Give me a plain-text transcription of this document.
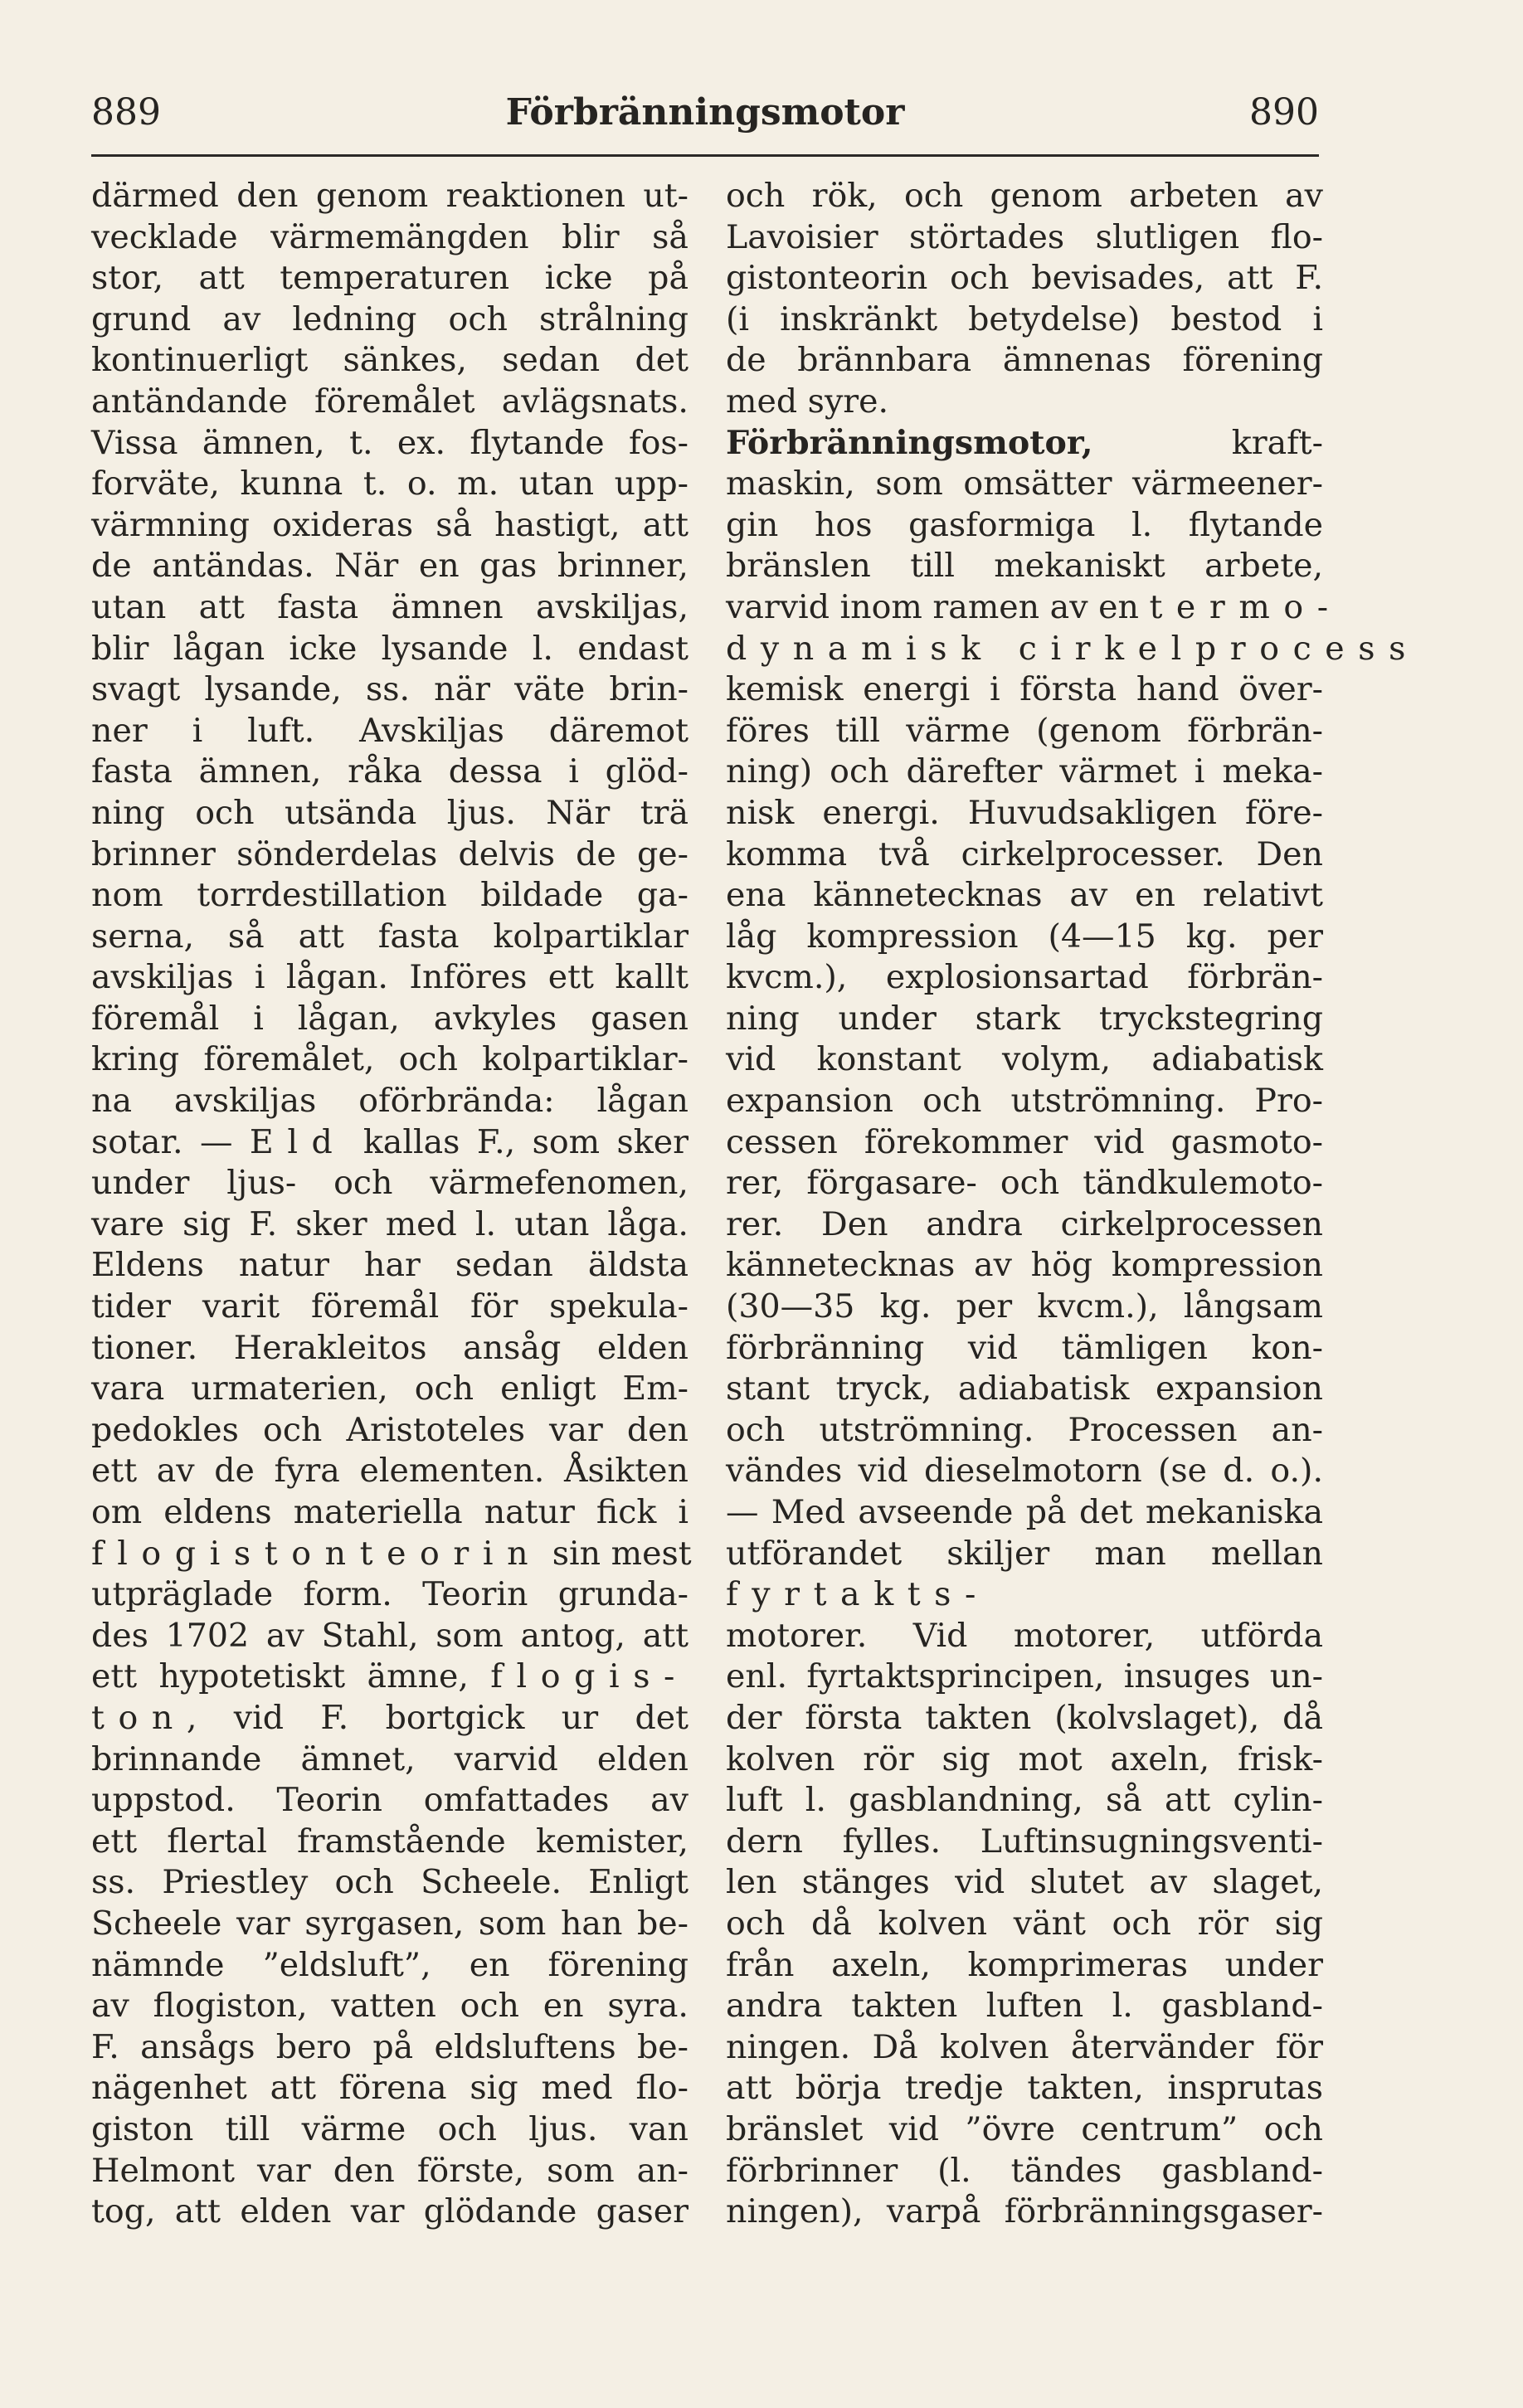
889	Förbränningsmotor	890
därmed den genom reaktionen ut-
vecklade värmemängden blir så
stor, att temperaturen icke på
grund av ledning och strålning
kontinuerligt sänkes, sedan det
antändande föremålet avlägsnats.
Vissa ämnen, t. ex. flytande fos-
forväte, kunna t. o. m. utan upp-
värmning oxideras så hastigt, att
de antändas. När en gas brinner,
utan att fasta ämnen avskiljas,
blir lågan icke lysande l. endast
svagt lysande, ss. när väte brin-
ner i luft. Avskiljas däremot
fasta ämnen, råka dessa i glöd-
ning och utsända ljus. När trä
brinner sönderdelas delvis de ge-
nom torrdestillation bildade ga-
serna, så att fasta kolpartiklar
avskiljas i lågan. Införes ett kallt
föremål i lågan, avkyles gasen
kring föremålet, och kolpartiklar-
na avskiljas oförbrända: lågan
sotar. — Eld kallas F., som sker
under ljus- och värmefenomen,
vare sig F. sker med l. utan låga.
Eldens natur har sedan äldsta
tider varit föremål för spekula-
tioner. Herakleitos ansåg elden
vara urmaterien, och enligt Em-
pedokles och Aristoteles var den
ett av de fyra elementen. Åsikten
om eldens materiella natur fick i
flogistonteorin sin mest
utpräglade form. Teorin grunda-
des 1702 av Stahl, som antog, att
ett hypotetiskt ämne, flogis-
ton, vid F. bortgick ur det
brinnande ämnet, varvid elden
uppstod. Teorin omfattades av
ett flertal framstående kemister,
ss. Priestley och Scheele. Enligt
Scheele var syrgasen, som han be-
nämnde ”eldsluft”, en förening
av flogiston, vatten och en syra.
F. ansågs bero på eldsluftens be-
nägenhet att förena sig med flo-
giston till värme och ljus. van
Helmont var den förste, som an-
tog, att elden var glödande gaser
och rök, och genom arbeten av
Lavoisier störtades slutligen flo-
gistonteorin och bevisades, att F.
(i inskränkt betydelse) bestod i
de brännbara ämnenas förening
med syre.
Förbränningsmotor, kraft-
maskin, som omsätter värmeener-
gin hos gasformiga l. flytande
bränslen till mekaniskt arbete,
varvid inom ramen av en termo-
dynamisk cirkelprocess
kemisk energi i första hand över-
föres till värme (genom förbrän-
ning) och därefter värmet i meka-
nisk energi. Huvudsakligen före-
komma två cirkelprocesser. Den
ena kännetecknas av en relativt
låg kompression (4—15 kg. per
kvcm.), explosionsartad förbrän-
ning under stark tryckstegring
vid konstant volym, adiabatisk
expansion och utströmning. Pro-
cessen förekommer vid gasmoto-
rer, förgasare- och tändkulemoto-
rer. Den andra cirkelprocessen
kännetecknas av hög kompression
(30—35 kg. per kvcm.), långsam
förbränning vid tämligen kon-
stant tryck, adiabatisk expansion
och utströmning. Processen an-
vändes vid dieselmotorn (se d. o.).
— Med avseende på det mekaniska
utförandet skiljer man mellan
fyrtakts-
motorer. Vid motorer, utförda
enl. fyrtaktsprincipen, insuges un-
der första takten (kolvslaget), då
kolven rör sig mot axeln, frisk-
luft l. gasblandning, så att cylin-
dern fylles. Luftinsugningsventi-
len stänges vid slutet av slaget,
och då kolven vänt och rör sig
från axeln, komprimeras under
andra takten luften l. gasbland-
ningen. Då kolven återvänder för
att börja tredje takten, insprutas
bränslet vid ”övre centrum” och
förbrinner (l. tändes gasbland-
ningen), varpå förbränningsgaser-
